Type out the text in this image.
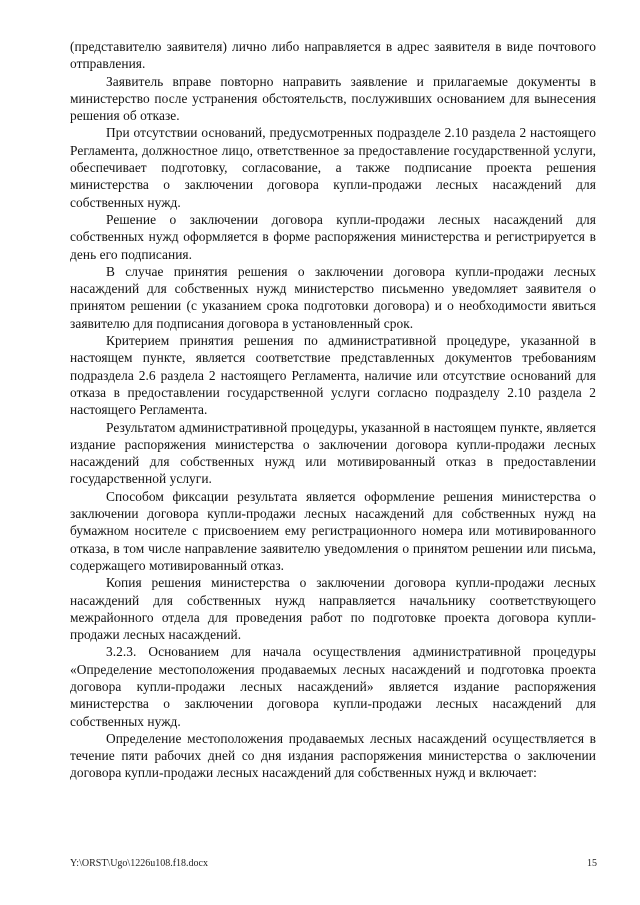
(представителю заявителя) лично либо направляется в адрес заявителя в виде почтового отправления.

Заявитель вправе повторно направить заявление и прилагаемые документы в министерство после устранения обстоятельств, послуживших основанием для вынесения решения об отказе.

При отсутствии оснований, предусмотренных подразделе 2.10 раздела 2 настоящего Регламента, должностное лицо, ответственное за предоставление государственной услуги, обеспечивает подготовку, согласование, а также подписание проекта решения министерства о заключении договора купли-продажи лесных насаждений для собственных нужд.

Решение о заключении договора купли-продажи лесных насаждений для собственных нужд оформляется в форме распоряжения министерства и регистрируется в день его подписания.

В случае принятия решения о заключении договора купли-продажи лесных насаждений для собственных нужд министерство письменно уведомляет заявителя о принятом решении (с указанием срока подготовки договора) и о необходимости явиться заявителю для подписания договора в установленный срок.

Критерием принятия решения по административной процедуре, указанной в настоящем пункте, является соответствие представленных документов требованиям подраздела 2.6 раздела 2 настоящего Регламента, наличие или отсутствие оснований для отказа в предоставлении государственной услуги согласно подразделу 2.10 раздела 2 настоящего Регламента.

Результатом административной процедуры, указанной в настоящем пункте, является издание распоряжения министерства о заключении договора купли-продажи лесных насаждений для собственных нужд или мотивированный отказ в предоставлении государственной услуги.

Способом фиксации результата является оформление решения министерства о заключении договора купли-продажи лесных насаждений для собственных нужд на бумажном носителе с присвоением ему регистрационного номера или мотивированного отказа, в том числе направление заявителю уведомления о принятом решении или письма, содержащего мотивированный отказ.

Копия решения министерства о заключении договора купли-продажи лесных насаждений для собственных нужд направляется начальнику соответствующего межрайонного отдела для проведения работ по подготовке проекта договора купли-продажи лесных насаждений.

3.2.3. Основанием для начала осуществления административной процедуры «Определение местоположения продаваемых лесных насаждений и подготовка проекта договора купли-продажи лесных насаждений» является издание распоряжения министерства о заключении договора купли-продажи лесных насаждений для собственных нужд.

Определение местоположения продаваемых лесных насаждений осуществляется в течение пяти рабочих дней со дня издания распоряжения министерства о заключении договора купли-продажи лесных насаждений для собственных нужд и включает:

Y:\ORST\Ugo\1226u108.f18.docx	15
